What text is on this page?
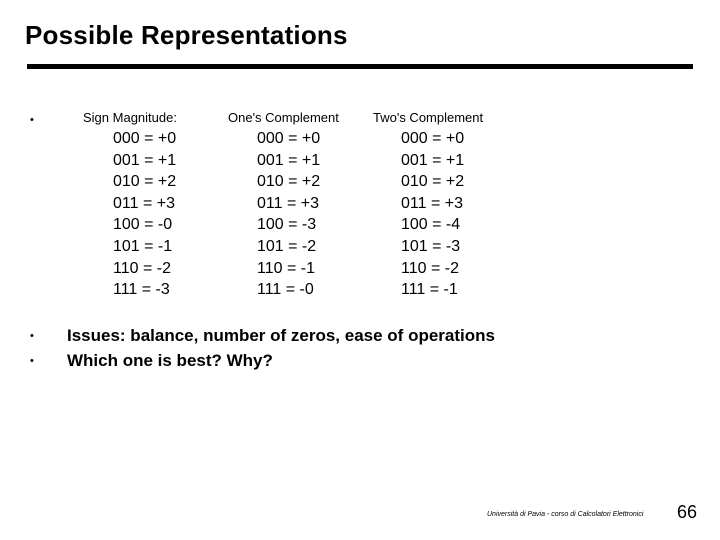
Possible Representations
•	Sign Magnitude:
000 = +0
001 = +1
010 = +2
011 = +3
100 = -0
101 = -1
110 = -2
111 = -3
One's Complement
000 = +0
001 = +1
010 = +2
011 = +3
100 = -3
101 = -2
110 = -1
111 = -0
Two's Complement
000 = +0
001 = +1
010 = +2
011 = +3
100 = -4
101 = -3
110 = -2
111 = -1
• Issues: balance, number of zeros, ease of operations
• Which one is best? Why?
Università di Pavia - corso di Calcolatori Elettronici 66
